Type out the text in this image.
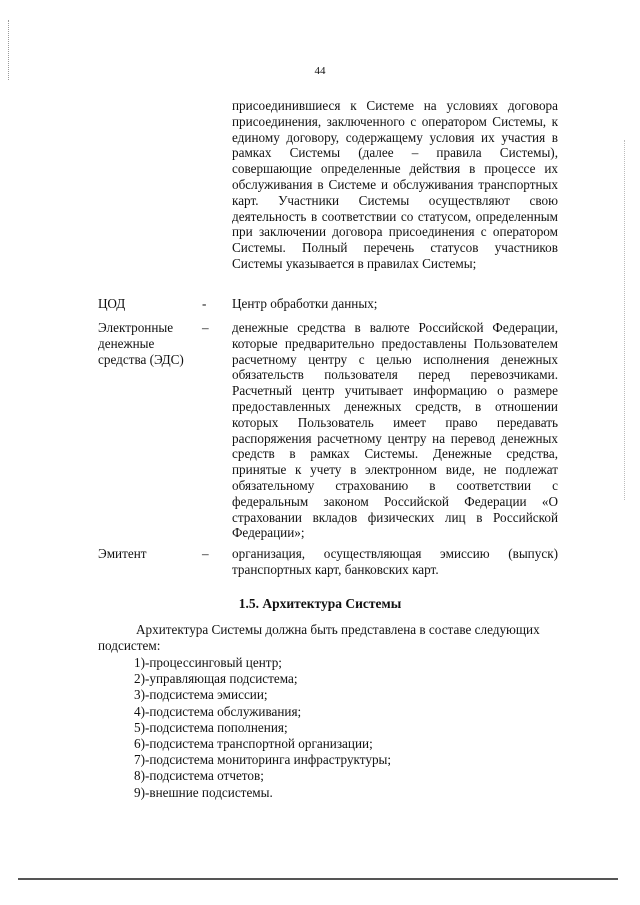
44
присоединившиеся к Системе на условиях договора присоединения, заключенного с оператором Системы, к единому договору, содержащему условия их участия в рамках Системы (далее – правила Системы), совершающие определенные действия в процессе их обслуживания в Системе и обслуживания транспортных карт. Участники Системы осуществляют свою деятельность в соответствии со статусом, определенным при заключении договора присоединения с оператором Системы. Полный перечень статусов участников Системы указывается в правилах Системы;
ЦОД	- Центр обработки данных;
Электронные денежные средства (ЭДС)
– денежные средства в валюте Российской Федерации, которые предварительно предоставлены Пользователем расчетному центру с целью исполнения денежных обязательств пользователя перед перевозчиками. Расчетный центр учитывает информацию о размере предоставленных денежных средств, в отношении которых Пользователь имеет право передавать распоряжения расчетному центру на перевод денежных средств в рамках Системы. Денежные средства, принятые к учету в электронном виде, не подлежат обязательному страхованию в соответствии с федеральным законом Российской Федерации «О страховании вкладов физических лиц в Российской Федерации»;
Эмитент	– организация, осуществляющая эмиссию (выпуск) транспортных карт, банковских карт.
1.5. Архитектура Системы
Архитектура Системы должна быть представлена в составе следующих подсистем:
1)-процессинговый центр;
2)-управляющая подсистема;
3)-подсистема эмиссии;
4)-подсистема обслуживания;
5)-подсистема пополнения;
6)-подсистема транспортной организации;
7)-подсистема мониторинга инфраструктуры;
8)-подсистема отчетов;
9)-внешние подсистемы.
